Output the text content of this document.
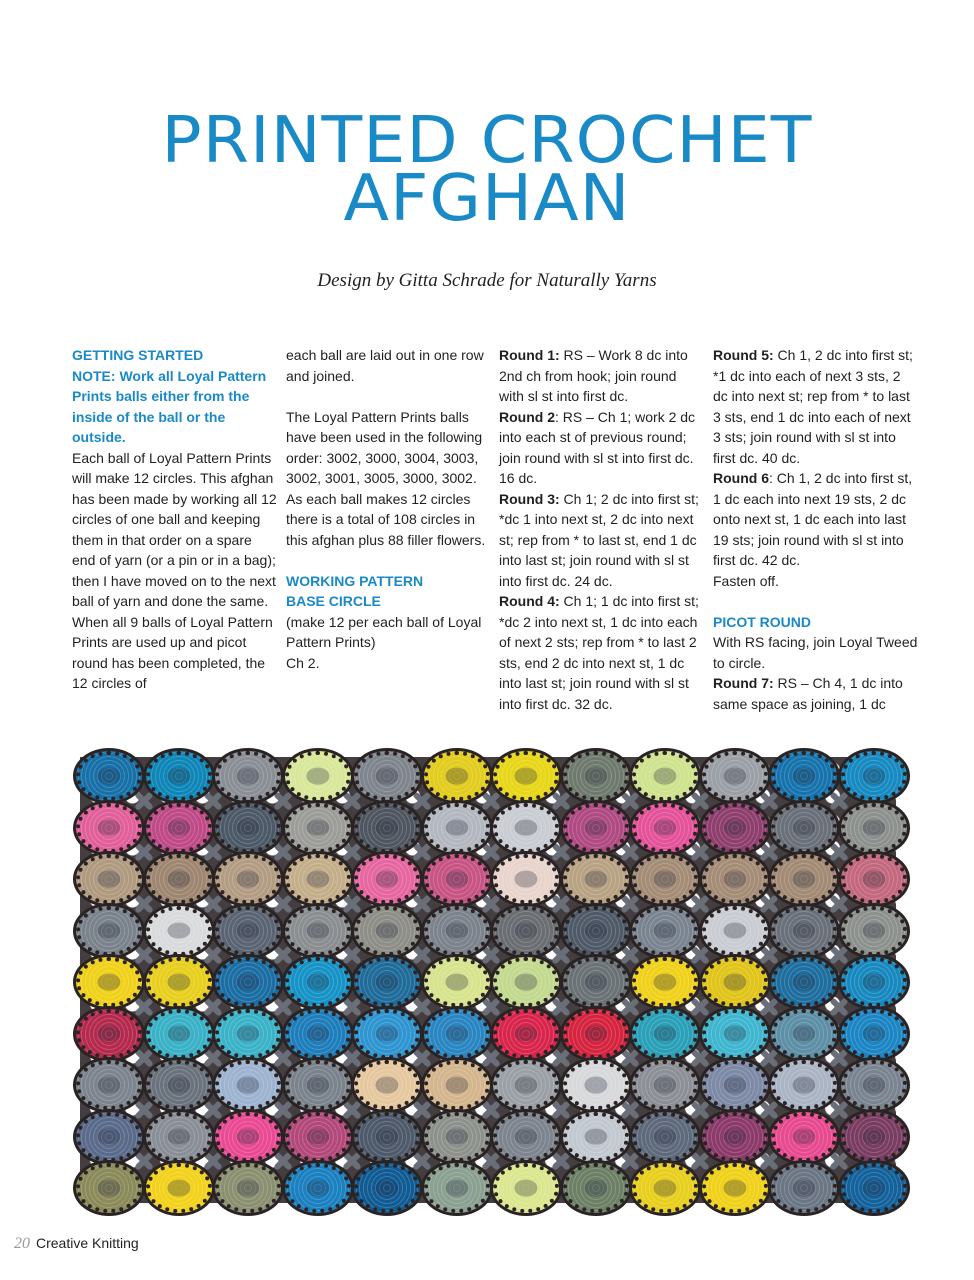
PRINTED CROCHET
AFGHAN
Design by Gitta Schrade for Naturally Yarns
GETTING STARTED
NOTE: Work all Loyal Pattern Prints balls either from the inside of the ball or the outside.
Each ball of Loyal Pattern Prints will make 12 circles. This afghan has been made by working all 12 circles of one ball and keeping them in that order on a spare end of yarn (or a pin or in a bag); then I have moved on to the next ball of yarn and done the same. When all 9 balls of Loyal Pattern Prints are used up and picot round has been completed, the 12 circles of
each ball are laid out in one row and joined.
The Loyal Pattern Prints balls have been used in the following order: 3002, 3000, 3004, 3003, 3002, 3001, 3005, 3000, 3002.
As each ball makes 12 circles there is a total of 108 circles in this afghan plus 88 filler flowers.
WORKING PATTERN
BASE CIRCLE
(make 12 per each ball of Loyal Pattern Prints)
Ch 2.
Round 1: RS – Work 8 dc into 2nd ch from hook; join round with sl st into first dc.
Round 2: RS – Ch 1; work 2 dc into each st of previous round; join round with sl st into first dc. 16 dc.
Round 3: Ch 1; 2 dc into first st; *dc 1 into next st, 2 dc into next st; rep from * to last st, end 1 dc into last st; join round with sl st into first dc. 24 dc.
Round 4: Ch 1; 1 dc into first st; *dc 2 into next st, 1 dc into each of next 2 sts; rep from * to last 2 sts, end 2 dc into next st, 1 dc into last st; join round with sl st into first dc. 32 dc.
Round 5: Ch 1, 2 dc into first st; *1 dc into each of next 3 sts, 2 dc into next st; rep from * to last 3 sts, end 1 dc into each of next 3 sts; join round with sl st into first dc. 40 dc.
Round 6: Ch 1, 2 dc into first st, 1 dc each into next 19 sts, 2 dc onto next st, 1 dc each into last 19 sts; join round with sl st into first dc. 42 dc.
Fasten off.
PICOT ROUND
With RS facing, join Loyal Tweed to circle.
Round 7: RS – Ch 4, 1 dc into same space as joining, 1 dc
20 Creative Knitting
